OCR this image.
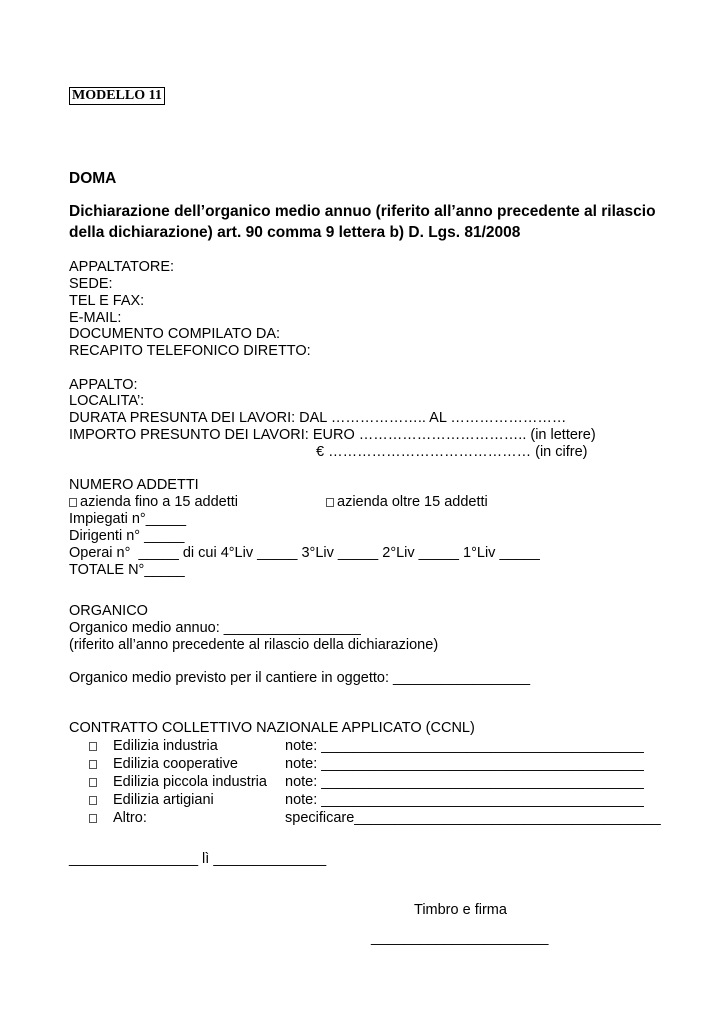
MODELLO 11
DOMA
Dichiarazione dell’organico medio annuo (riferito all’anno precedente al rilascio della dichiarazione) art. 90 comma 9 lettera b) D. Lgs. 81/2008
APPALTATORE:
SEDE:
TEL E FAX:
E-MAIL:
DOCUMENTO COMPILATO DA:
RECAPITO TELEFONICO DIRETTO:
APPALTO:
LOCALITA’:
DURATA PRESUNTA DEI LAVORI: DAL ……………….. AL ……………………
IMPORTO PRESUNTO DEI LAVORI: EURO …………………………….. (in lettere)
€ …………………………………… (in cifre)
NUMERO ADDETTI
azienda fino a 15 addetti	azienda oltre 15 addetti
Impiegati n°_____
Dirigenti n° _____
Operai n°  _____ di cui 4°Liv _____ 3°Liv _____ 2°Liv _____ 1°Liv _____
TOTALE N°_____
ORGANICO
Organico medio annuo: _________________
(riferito all’anno precedente al rilascio della dichiarazione)
Organico medio previsto per il cantiere in oggetto: _________________
CONTRATTO COLLETTIVO NAZIONALE APPLICATO (CCNL)
Edilizia industria	note: ________________________________________
Edilizia cooperative	note: ________________________________________
Edilizia piccola industria note: ________________________________________
Edilizia artigiani	note: ________________________________________
Altro:	specificare______________________________________
________________ lì ______________
Timbro e firma
______________________
